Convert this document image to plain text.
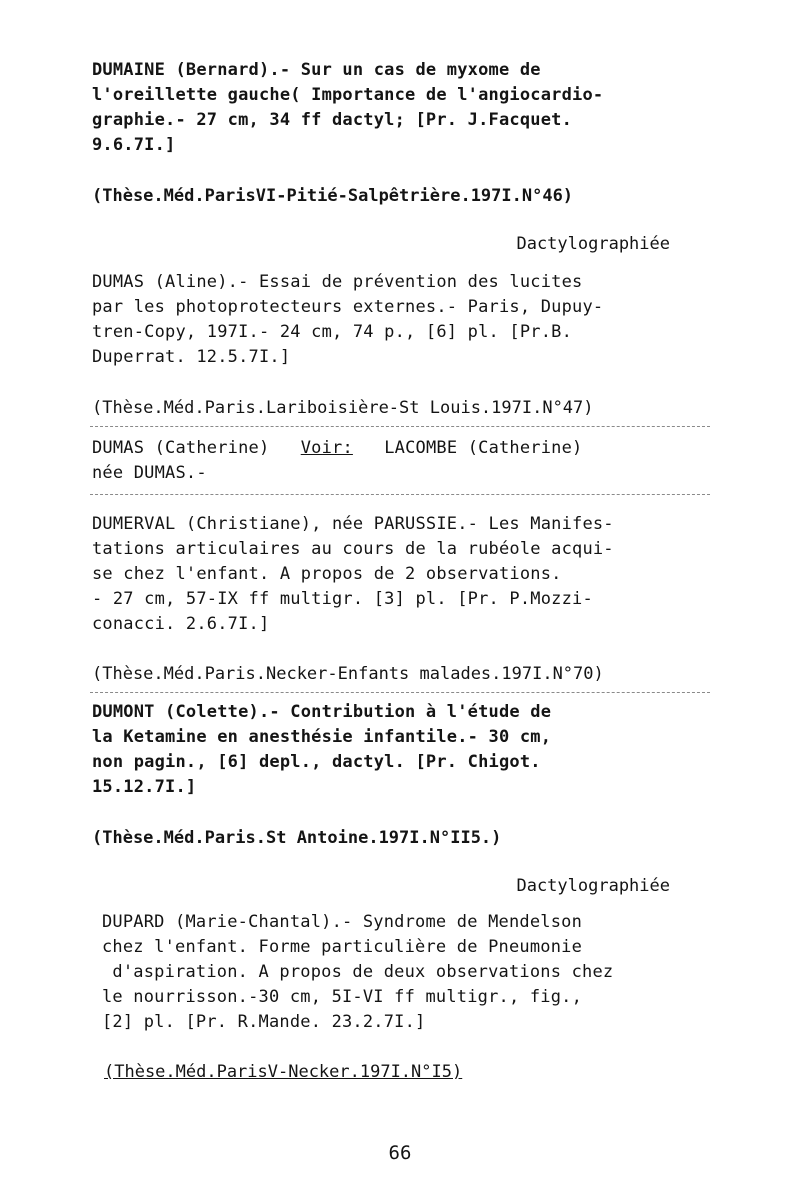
DUMAINE (Bernard).- Sur un cas de myxome de
l'oreillette gauche( Importance de l'angiocardio-
graphie.- 27 cm, 34 ff dactyl; [Pr. J.Facquet.
9.6.7I.]
(Thèse.Méd.ParisVI-Pitié-Salpêtrière.197I.N°46)
Dactylographiée
DUMAS (Aline).- Essai de prévention des lucites
par les photoprotecteurs externes.- Paris, Dupuy-
tren-Copy, 197I.- 24 cm, 74 p., [6] pl. [Pr.B.
Duperrat. 12.5.7I.]
(Thèse.Méd.Paris.Lariboisière-St Louis.197I.N°47)
DUMAS (Catherine) Voir: LACOMBE (Catherine)
née DUMAS.-
DUMERVAL (Christiane), née PARUSSIE.- Les Manifes-
tations articulaires au cours de la rubéole acqui-
se chez l'enfant. A propos de 2 observations.
- 27 cm, 57-IX ff multigr. [3] pl. [Pr. P.Mozzi-
conacci. 2.6.7I.]
(Thèse.Méd.Paris.Necker-Enfants malades.197I.N°70)
DUMONT (Colette).- Contribution à l'étude de
la Ketamine en anesthésie infantile.- 30 cm,
non pagin., [6] depl., dactyl. [Pr. Chigot.
15.12.7I.]
(Thèse.Méd.Paris.St Antoine.197I.N°II5.)
Dactylographiée
DUPARD (Marie-Chantal).- Syndrome de Mendelson
chez l'enfant. Forme particulière de Pneumonie
d'aspiration. A propos de deux observations chez
le nourrisson.-30 cm, 5I-VI ff multigr., fig.,
[2] pl. [Pr. R.Mande. 23.2.7I.]
(Thèse.Méd.ParisV-Necker.197I.N°I5)
66
